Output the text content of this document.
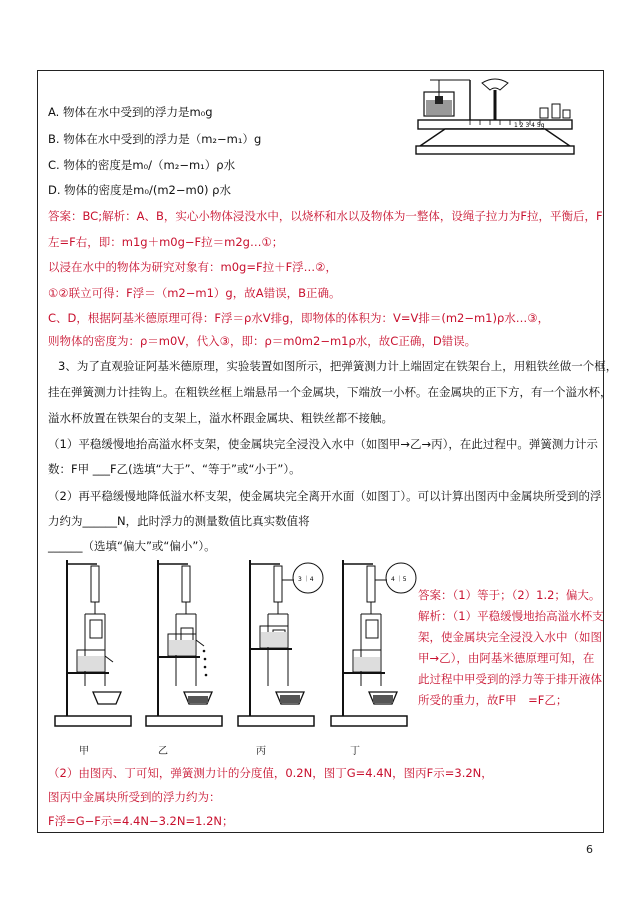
1 2 3 4 5g
A. 物体在水中受到的浮力是m₀g
B. 物体在水中受到的浮力是（m₂−m₁）g
C. 物体的密度是m₀/（m₂−m₁）ρ水
D. 物体的密度是m₀/(m2−m0) ρ水
答案：BC;解析：A、B，实心小物体浸没水中，以烧杯和水以及物体为一整体，设绳子拉力为F拉，平衡后，F
左=F右，即：m1g＋m0g−F拉＝m2g…①；
以浸在水中的物体为研究对象有：m0g=F拉＋F浮…②，
①②联立可得：F浮＝（m2−m1）g，故A错误，B正确。
C、D，根据阿基米德原理可得：F浮＝ρ水V排g，即物体的体积为：V=V排＝(m2−m1)ρ水…③，
则物体的密度为：ρ＝m0V，代入③，即：ρ＝m0m2−m1ρ水，故C正确，D错误。
3、为了直观验证阿基米德原理，实验装置如图所示，把弹簧测力计上端固定在铁架台上，用粗铁丝做一个框，
挂在弹簧测力计挂钩上。在粗铁丝框上端悬吊一个金属块，下端放一小杯。在金属块的正下方，有一个溢水杯，
溢水杯放置在铁架台的支架上，溢水杯跟金属块、粗铁丝都不接触。
（1）平稳缓慢地抬高溢水杯支架，使金属块完全浸没入水中（如图甲→乙→丙），在此过程中。弹簧测力计示
数：F甲 ___F乙(选填“大于”、“等于”或“小于”）。
（2）再平稳缓慢地降低溢水杯支架，使金属块完全离开水面（如图丁）。可以计算出图丙中金属块所受到的浮
力约为______N，此时浮力的测量数值比真实数值将
______（选填“偏大”或“偏小”）。
甲	乙
3 ｜4
丙
4 ｜5
丁
答案：（1）等于；（2）1.2；偏大。解析：（1）平稳缓慢地抬高溢水杯支架，使金属块完全浸没入水中（如图甲→乙），由阿基米德原理可知，在此过程中甲受到的浮力等于排开液体所受的重力，故F甲　=F乙；
（2）由图丙、丁可知，弹簧测力计的分度值，0.2N，图丁G=4.4N，图丙F示=3.2N，
图丙中金属块所受到的浮力约为：
F浮=G−F示=4.4N−3.2N=1.2N；
6
